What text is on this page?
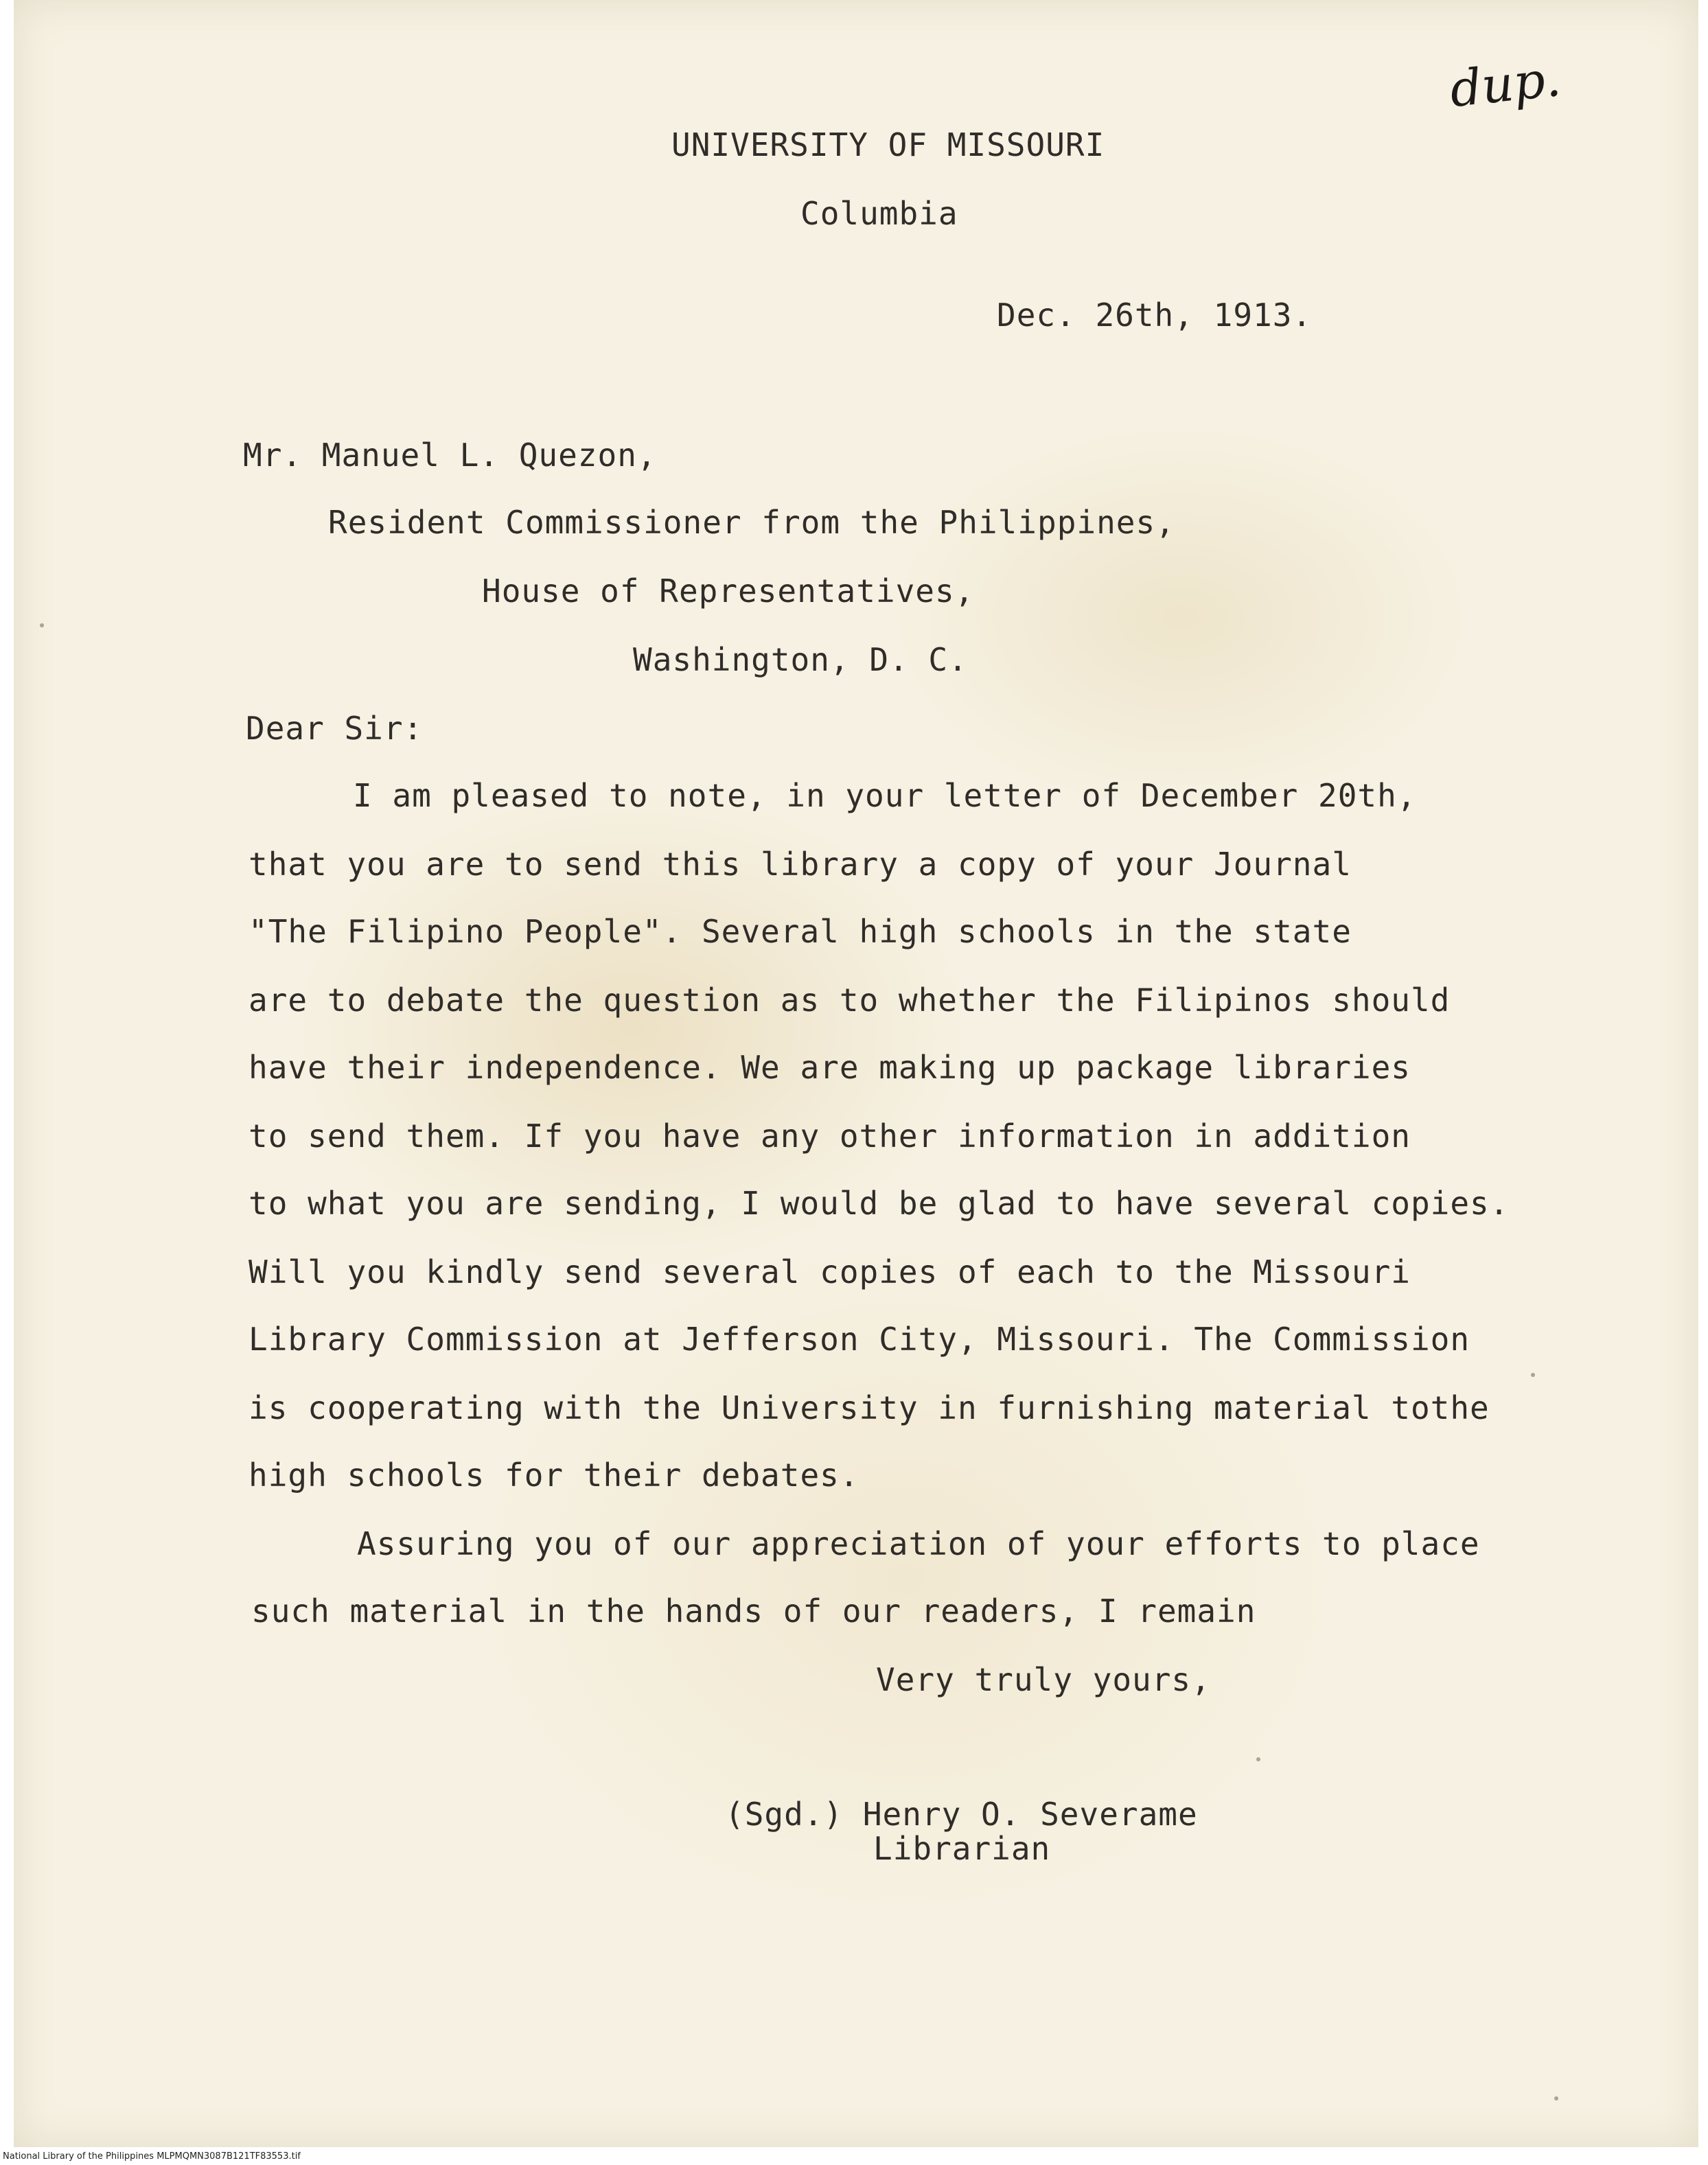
dup.
UNIVERSITY OF MISSOURI
Columbia
Dec. 26th, 1913.
Mr. Manuel L. Quezon,
Resident Commissioner from the Philippines,
House of Representatives,
Washington, D. C.
Dear Sir:
I am pleased to note, in your letter of December 20th,
that you are to send this library a copy of your Journal
"The Filipino People". Several high schools in the state
are to debate the question as to whether the Filipinos should
have their independence. We are making up package libraries
to send them. If you have any other information in addition
to what you are sending, I would be glad to have several copies.
Will you kindly send several copies of each to the Missouri
Library Commission at Jefferson City, Missouri. The Commission
is cooperating with the University in furnishing material tothe
high schools for their debates.
Assuring you of our appreciation of your efforts to place
such material in the hands of our readers, I remain
Very truly yours,
(Sgd.) Henry O. Severame
Librarian
National Library of the Philippines MLPMQMN3087B121TF83553.tif
